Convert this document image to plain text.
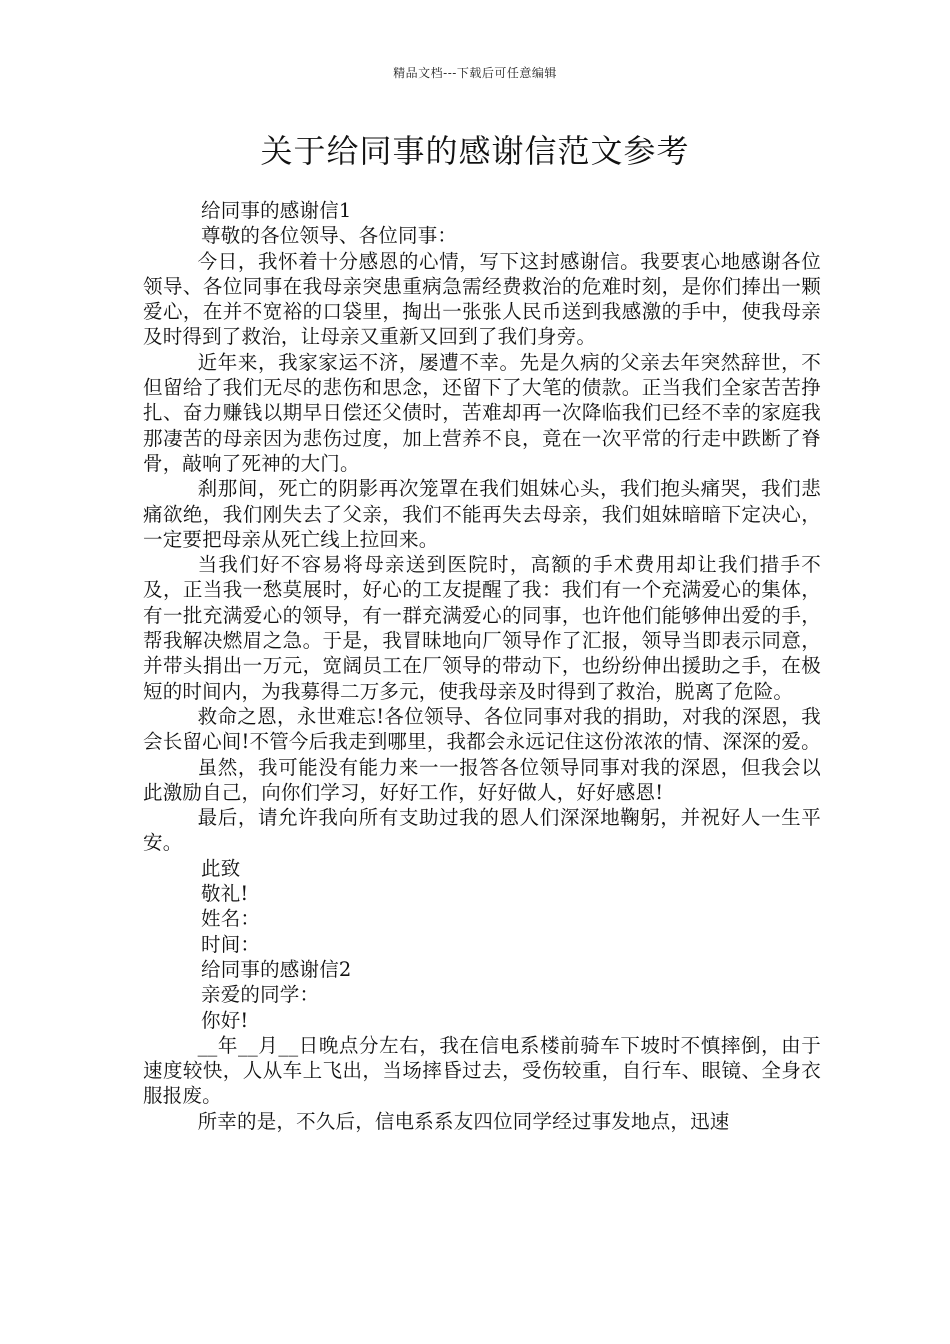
精品文档---下载后可任意编辑
关于给同事的感谢信范文参考

给同事的感谢信1

尊敬的各位领导、各位同事：

今日，我怀着十分感恩的心情，写下这封感谢信。我要衷心地感谢各位领导、各位同事在我母亲突患重病急需经费救治的危难时刻，是你们捧出一颗爱心，在并不宽裕的口袋里，掏出一张张人民币送到我感激的手中，使我母亲及时得到了救治，让母亲又重新又回到了我们身旁。

近年来，我家家运不济，屡遭不幸。先是久病的父亲去年突然辞世，不但留给了我们无尽的悲伤和思念，还留下了大笔的债款。正当我们全家苦苦挣扎、奋力赚钱以期早日偿还父债时，苦难却再一次降临我们已经不幸的家庭我那凄苦的母亲因为悲伤过度，加上营养不良，竟在一次平常的行走中跌断了脊骨，敲响了死神的大门。

刹那间，死亡的阴影再次笼罩在我们姐妹心头，我们抱头痛哭，我们悲痛欲绝，我们刚失去了父亲，我们不能再失去母亲，我们姐妹暗暗下定决心，一定要把母亲从死亡线上拉回来。

当我们好不容易将母亲送到医院时，高额的手术费用却让我们措手不及，正当我一愁莫展时，好心的工友提醒了我：我们有一个充满爱心的集体，有一批充满爱心的领导，有一群充满爱心的同事，也许他们能够伸出爱的手，帮我解决燃眉之急。于是，我冒昧地向厂领导作了汇报，领导当即表示同意，并带头捐出一万元，宽阔员工在厂领导的带动下，也纷纷伸出援助之手，在极短的时间内，为我募得二万多元，使我母亲及时得到了救治，脱离了危险。

救命之恩，永世难忘!各位领导、各位同事对我的捐助，对我的深恩，我会长留心间!不管今后我走到哪里，我都会永远记住这份浓浓的情、深深的爱。

虽然，我可能没有能力来一一报答各位领导同事对我的深恩，但我会以此激励自己，向你们学习，好好工作，好好做人，好好感恩!

最后，请允许我向所有支助过我的恩人们深深地鞠躬，并祝好人一生平安。

此致

敬礼!

姓名：

时间：

给同事的感谢信2

亲爱的同学：

你好!

__年__月__日晚点分左右，我在信电系楼前骑车下坡时不慎摔倒，由于速度较快，人从车上飞出，当场摔昏过去，受伤较重，自行车、眼镜、全身衣服报废。

所幸的是，不久后，信电系系友四位同学经过事发地点，迅速
